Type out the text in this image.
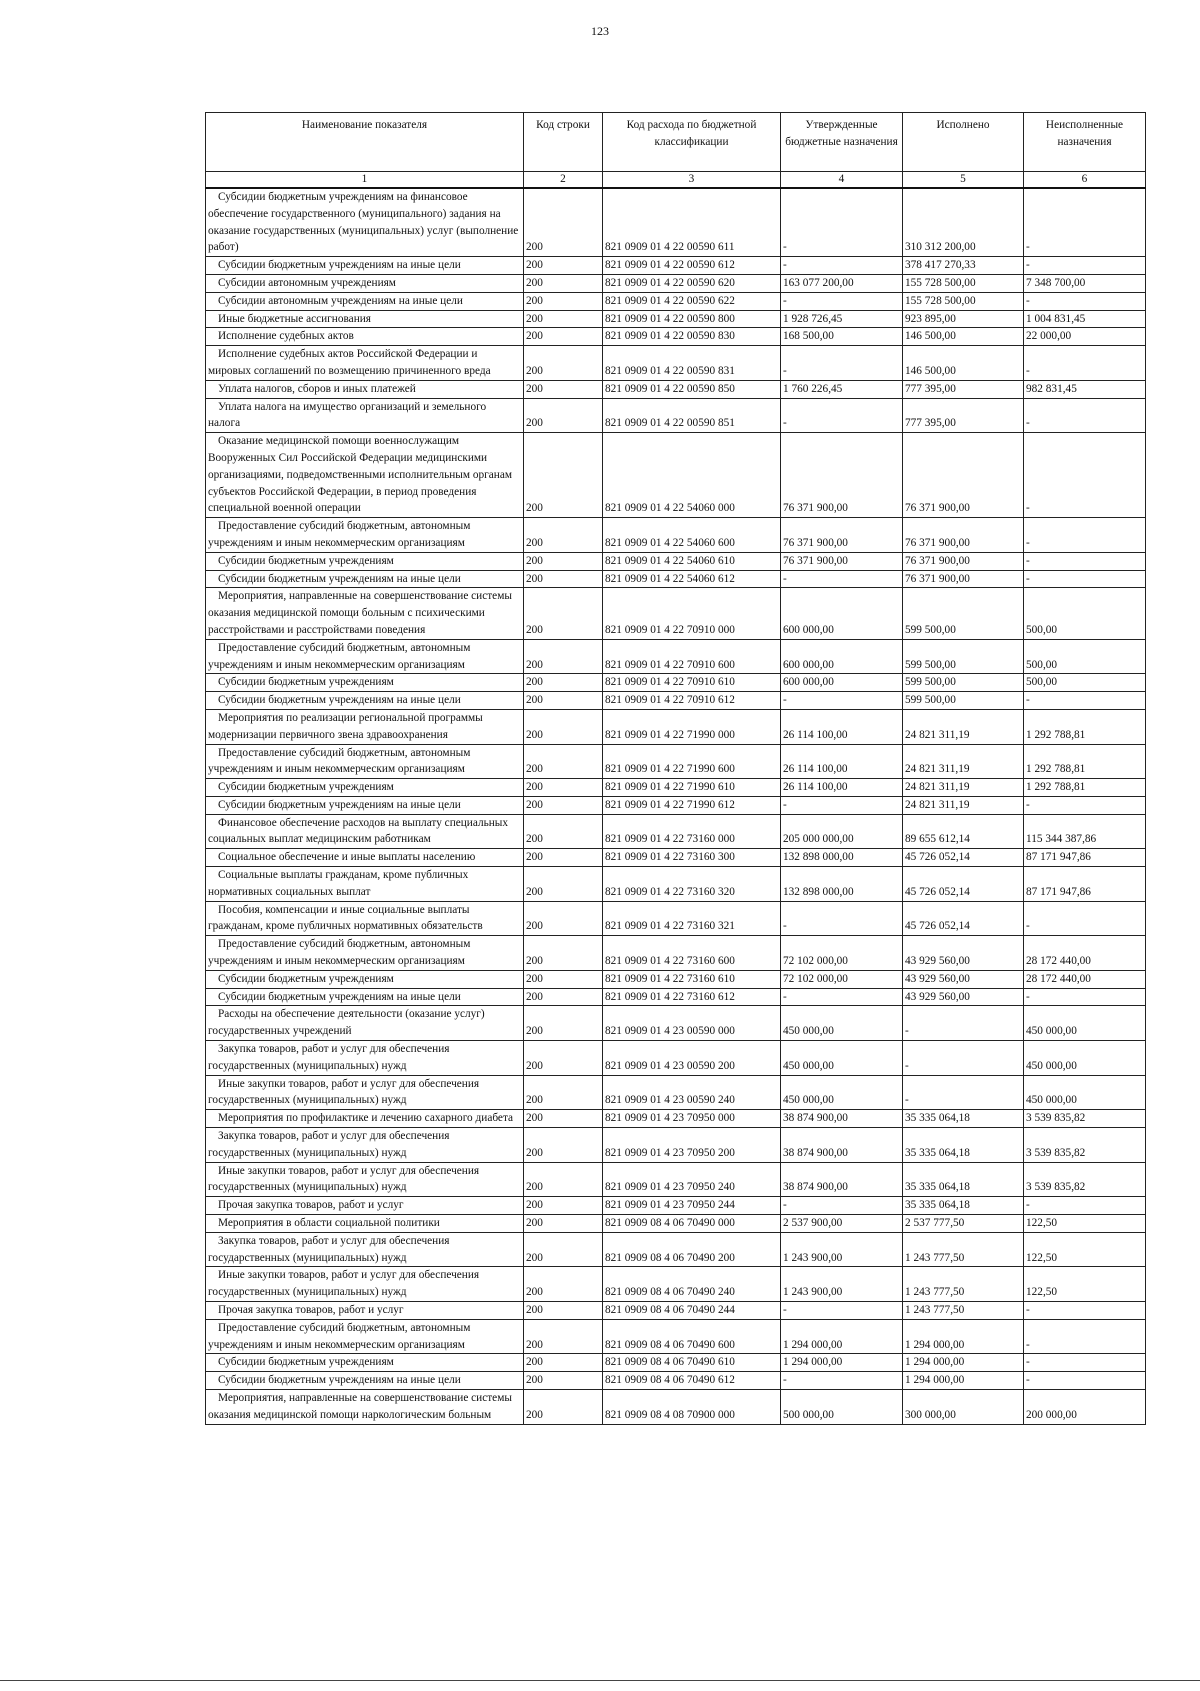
123
Наименование показателя	Код строки	Код расхода по бюджетной классификации	Утвержденные бюджетные назначения	Исполнено	Неисполненные назначения
1	2	3	4	5	6
Субсидии бюджетным учреждениям на финансовое обеспечение государственного (муниципального) задания на оказание государственных (муниципальных) услуг (выполнение работ)	200	821 0909 01 4 22 00590 611	-	310 312 200,00	-
Субсидии бюджетным учреждениям на иные цели	200	821 0909 01 4 22 00590 612	-	378 417 270,33	-
Субсидии автономным учреждениям	200	821 0909 01 4 22 00590 620	163 077 200,00	155 728 500,00	7 348 700,00
Субсидии автономным учреждениям на иные цели	200	821 0909 01 4 22 00590 622	-	155 728 500,00	-
Иные бюджетные ассигнования	200	821 0909 01 4 22 00590 800	1 928 726,45	923 895,00	1 004 831,45
Исполнение судебных актов	200	821 0909 01 4 22 00590 830	168 500,00	146 500,00	22 000,00
Исполнение судебных актов Российской Федерации и мировых соглашений по возмещению причиненного вреда	200	821 0909 01 4 22 00590 831	-	146 500,00	-
Уплата налогов, сборов и иных платежей	200	821 0909 01 4 22 00590 850	1 760 226,45	777 395,00	982 831,45
Уплата налога на имущество организаций и земельного налога	200	821 0909 01 4 22 00590 851	-	777 395,00	-
Оказание медицинской помощи военнослужащим Вооруженных Сил Российской Федерации медицинскими организациями, подведомственными исполнительным органам субъектов Российской Федерации, в период проведения специальной военной операции	200	821 0909 01 4 22 54060 000	76 371 900,00	76 371 900,00	-
Предоставление субсидий бюджетным, автономным учреждениям и иным некоммерческим организациям	200	821 0909 01 4 22 54060 600	76 371 900,00	76 371 900,00	-
Субсидии бюджетным учреждениям	200	821 0909 01 4 22 54060 610	76 371 900,00	76 371 900,00	-
Субсидии бюджетным учреждениям на иные цели	200	821 0909 01 4 22 54060 612	-	76 371 900,00	-
Мероприятия, направленные на совершенствование системы оказания медицинской помощи больным с психическими расстройствами и расстройствами поведения	200	821 0909 01 4 22 70910 000	600 000,00	599 500,00	500,00
Предоставление субсидий бюджетным, автономным учреждениям и иным некоммерческим организациям	200	821 0909 01 4 22 70910 600	600 000,00	599 500,00	500,00
Субсидии бюджетным учреждениям	200	821 0909 01 4 22 70910 610	600 000,00	599 500,00	500,00
Субсидии бюджетным учреждениям на иные цели	200	821 0909 01 4 22 70910 612	-	599 500,00	-
Мероприятия по реализации региональной программы модернизации первичного звена здравоохранения	200	821 0909 01 4 22 71990 000	26 114 100,00	24 821 311,19	1 292 788,81
Предоставление субсидий бюджетным, автономным учреждениям и иным некоммерческим организациям	200	821 0909 01 4 22 71990 600	26 114 100,00	24 821 311,19	1 292 788,81
Субсидии бюджетным учреждениям	200	821 0909 01 4 22 71990 610	26 114 100,00	24 821 311,19	1 292 788,81
Субсидии бюджетным учреждениям на иные цели	200	821 0909 01 4 22 71990 612	-	24 821 311,19	-
Финансовое обеспечение расходов на выплату специальных социальных выплат медицинским работникам	200	821 0909 01 4 22 73160 000	205 000 000,00	89 655 612,14	115 344 387,86
Социальное обеспечение и иные выплаты населению	200	821 0909 01 4 22 73160 300	132 898 000,00	45 726 052,14	87 171 947,86
Социальные выплаты гражданам, кроме публичных нормативных социальных выплат	200	821 0909 01 4 22 73160 320	132 898 000,00	45 726 052,14	87 171 947,86
Пособия, компенсации и иные социальные выплаты гражданам, кроме публичных нормативных обязательств	200	821 0909 01 4 22 73160 321	-	45 726 052,14	-
Предоставление субсидий бюджетным, автономным учреждениям и иным некоммерческим организациям	200	821 0909 01 4 22 73160 600	72 102 000,00	43 929 560,00	28 172 440,00
Субсидии бюджетным учреждениям	200	821 0909 01 4 22 73160 610	72 102 000,00	43 929 560,00	28 172 440,00
Субсидии бюджетным учреждениям на иные цели	200	821 0909 01 4 22 73160 612	-	43 929 560,00	-
Расходы на обеспечение деятельности (оказание услуг) государственных учреждений	200	821 0909 01 4 23 00590 000	450 000,00	-	450 000,00
Закупка товаров, работ и услуг для обеспечения государственных (муниципальных) нужд	200	821 0909 01 4 23 00590 200	450 000,00	-	450 000,00
Иные закупки товаров, работ и услуг для обеспечения государственных (муниципальных) нужд	200	821 0909 01 4 23 00590 240	450 000,00	-	450 000,00
Мероприятия по профилактике и лечению сахарного диабета	200	821 0909 01 4 23 70950 000	38 874 900,00	35 335 064,18	3 539 835,82
Закупка товаров, работ и услуг для обеспечения государственных (муниципальных) нужд	200	821 0909 01 4 23 70950 200	38 874 900,00	35 335 064,18	3 539 835,82
Иные закупки товаров, работ и услуг для обеспечения государственных (муниципальных) нужд	200	821 0909 01 4 23 70950 240	38 874 900,00	35 335 064,18	3 539 835,82
Прочая закупка товаров, работ и услуг	200	821 0909 01 4 23 70950 244	-	35 335 064,18	-
Мероприятия в области социальной политики	200	821 0909 08 4 06 70490 000	2 537 900,00	2 537 777,50	122,50
Закупка товаров, работ и услуг для обеспечения государственных (муниципальных) нужд	200	821 0909 08 4 06 70490 200	1 243 900,00	1 243 777,50	122,50
Иные закупки товаров, работ и услуг для обеспечения государственных (муниципальных) нужд	200	821 0909 08 4 06 70490 240	1 243 900,00	1 243 777,50	122,50
Прочая закупка товаров, работ и услуг	200	821 0909 08 4 06 70490 244	-	1 243 777,50	-
Предоставление субсидий бюджетным, автономным учреждениям и иным некоммерческим организациям	200	821 0909 08 4 06 70490 600	1 294 000,00	1 294 000,00	-
Субсидии бюджетным учреждениям	200	821 0909 08 4 06 70490 610	1 294 000,00	1 294 000,00	-
Субсидии бюджетным учреждениям на иные цели	200	821 0909 08 4 06 70490 612	-	1 294 000,00	-
Мероприятия, направленные на совершенствование системы оказания медицинской помощи наркологическим больным	200	821 0909 08 4 08 70900 000	500 000,00	300 000,00	200 000,00
